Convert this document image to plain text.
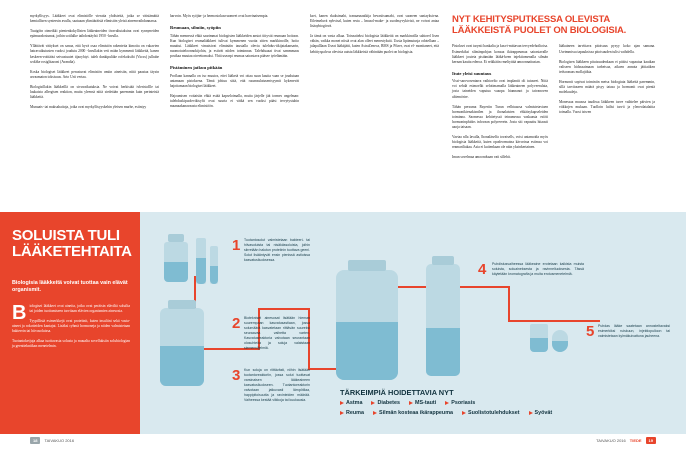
myrkyllisyys. Lääkkeet ovat elimistölle vieraita yhdisteitä, jotka se väistämättä kemiallisen synteesin avulla, saatuaan ylimääräisiä elimistön yleisä aineenvaihdunnassa.

Tuuigöin oimeikki pientenkokyllisten lääkeaineiden tivavaltutaksina ovat synnyneiden epämuodostumat, joihin sotilalke taihdontäyhti 1950 -luvulla.

Yllättävät väitykset on sanoa, että hyvä osaa elimistön rakenteita kimoita on vakavien hatravaikutusten vuoksi joudutu 2000 -luvullakin veti mään kymmenti lääkkeitä, kanen keskeen-voittääsi seivustuutet tijaoyhtyi. tuleh dunkipuläke rofekoksibi (Vioxx) julhabe wolāke rosiglitazoni (Avandia).

Koska biologiset lääkkeet perustuvat elimistön omiin aineisiin, niitä paastaa täysin arvaamaton toksisuus. Arto Urti vertaa.

Biologisillakin lääkkeillä on sivuvaikutuksia. Ne voivat herkistää ivleristollle tai laukaista allergisen reaktion, mutta yleensä niitä siedetään paremmin kuin perinteisiä lääkkeitä.

Munuais- tai maksahaitoja, jotka ovat myrkyllisyyskehin yleisen murhe, esiintyy

harvoin. Myös syöjän- ja hermostokasvuomeet ovat harvinaisempia.

Reumaan, silmiin, syöpiin

Tähän mennessä ehkä saarimmat biologisten lääkkeiden anstot tittyvät reumaan hoitoon. Kun biologiset reumalääkkeet tulivat kymmenen vuotta sitten markkinoille, hoito muuttui. Lääkkeet vimaisivat eliminäin taustalla olevia tulehdus-tikijatakansarin, nuomotuteloonnokijohin, ja estivät niiden toiminnan. Talehduaaat tivat sammmaas postkaa muutaa oireettomaksi. Yhtä usearpi reumaa sairastava pääsee työelämään.

Pistäminen jatkuu pitkään

Proflaan kannalla on iso muutos, ettei lääketä voi ottaa suun kautta vaan se joudutaan antamaan pistoksena. Tämä johtuu siitä, että ruoansulatusentsyymit kykenevät hajottamaan biologiset lääkkeet.

Hajoamisen voitaisiin ehkä estää kapseloimalla, mutta järjelle jää iormes ongelman: tulehduskipuolevikisyfit ovat suuria ei vätkä sen vuoksi pääsi tervytystuhin maanaakanavaasta elimistöön.

kset, kanen rkuksimaht, tranaasnaatkija bevasitsumabi, ovat suoneen saniayksivna. Eiletmeluvä nyhvisal, kuten resta – lmusol-make- ja suodnsyvykivisä, ne voivat antaa lisäayhtogörvä.

Ja tämä on vasta alkua. Toisnaitekst biologisia lääkkeitä on markkinoilla sahtoerl lisen vähän, vaikka monet niistä ovat alan olleet menestykstä. Uusia lipämutusja odotellaan – jalapalllaan Useat lääkäjätti, kuten AstraZeneca, BMS ja Pfizer, ovat el- monttaneet, että kehittyspalvoa olevista uuista läkkkeistä vähintään puolet on biologisia.

NYT KEHITYSPUTKESSA OLEVISTA LÄÄKKEISTÄ PUOLET ON BIOLOGISIA.

Pistokset ovat tarynti hankalia ja kasvi-mittavan tervyedehoiltoisa. Esimerkiksi silmänpohjan konsaa ikärappeumaa sairastavalle lääkkeet jouteta pistämään lääkä-keen injektiomenalla silmän kernan kautta ederoa. Ei reikkäiin rmeltyttää amoonnaitustan.

Itute yleisi suuntaus

Vissi-sarovosentarra vaihtoelto ovat implantit oli tutuseet. Niitä voi sehdä esimoelkt selotimamalla lääkeaineen polyveerulata, josta taineiden vaputua vaaopa hiannanot ja taivanoven alttemörire.

Tähän persuma Rayeriin Turun velhtuaosa valmistetaviaen hormonikienakisntlen ja ihonalaisten ehkäisykapseleiden toiminna. Saomessa kehitetyssä teinameasa vaskaasta esiöti hormoninphidos infovaan polyreerein. Josta siti vapauttu hitaasti uaoja taisaan.

Vavtaa nlla lavalla, lbonaläselfa tovatsells, voisi antamoida myös biologisia lääkkeitä, kuten opodeormoina kävoriraa estimsa voi reamariliakaa. Asia ei kuitenkaan ole näin yksinkertainen.

Imun sovelmaa amoondsaan vati sillebit.

lääkaineen tarvittava pitoisuus pysyy koko ajan samana. Useimmissa tapauksissa pitoisuuden tulisi vaihdella.

Biologisen lääkkeen pituisuudenkaan ei pitäisi vapautua kautkan valiseen hidassaimaan tarbeisoa, aikoen annota jättiaiiken iedsoonaas mollajtikta.

Hormonit sopivat toiminiin metsa biologiuta lääkeitä paremmin, sillä tarvitaseen määrä pisyy tatasa ja hormonit ovat pieniä molekuuleja.

Monessaa muussa taudissa lääkkeen tarve vaihtelee päivien ja viikkojen mukaan. Tuolloin luilisi tarvii ja yleoeolatalaitta toimalla. Vuosi istwen

SOLUISTA TULI LÄÄKETEHTAITA
Biologisia lääkkeitä voivat tuottaa vain elävät organismit.
B iologiset lääkkeet ovat aineita, jotka ovat peräisin eläviltä soluilta tai joiden tuottamiseen tarvitaan elävien organismien ainesosia.

Tyypillisiä esimerkkejä ovat proteiinit, kuten insuliini sekä vasta-aineet ja rokotteiden kantajat. Lisäksi ryhmä hormoneja ja niiden valmistetaan bakteerin tai hiivasoluissa.

Tuotantoketjuja alkaa tuottavasta solusta ja muualta sovelluksiin solubiologian ja geenitekniikan menetelmin.

1 Tuotantosolut valmistetaan bakteeri- tai hiivasoluista tai nisäkässoluista, joihin siirretään halutun proteiinin tuottava geeni. Solut lisääntyvät ensin pienissä astioissa kasvatusliuoksessa.
2 Biotekniset ainesosat lisätään hieman suurempaan kasvatusastiaan, jossa solumäärä kasvatetaan riittävän suureksi seuraavaa vaihetta varten. Kasvatusreaktoria valvotaan seurantaan olosuhteita ja soluja valaistaan siemenviljelmiä.
3 Kun soluja on riittävästi, niihin lisätään tuotantoreaktoriin, jossa solut tuottavat varsinaisen lääkeaineen kasvatusliuokseen. Tuotantoreaktorin valvotaan jatkuvasti lämpötilaa, happipitoisuutta ja ravinteiden määrää. Vaiheessa kestää viikkoja tai kuukausia.
4 Puhdistusvaiheessa lääkeaine erotetaan kaikista muista soluista, soluaineksesta ja ravinneliuoksesta. Tässä käytetään kromatografia ja muita erotusmenetelmiä.
5 Puhdas lääke saatetaan annosteltavaksi esimerkiksi ruiskuun, injektiopulloon tai valmistetaan kylmäkuivattuna jauheena.
TÄRKEIMPIÄ HOIDETTAVIA NYT
Astma	Diabetes	MS-tauti	Psoriasis
Reuma	Silmän kosteaa ikärappeuma	Suolistotulehdukset	Syövät
18	TAIVAKUO 2016	TAIVAKUO 2016 TIEDE	19
